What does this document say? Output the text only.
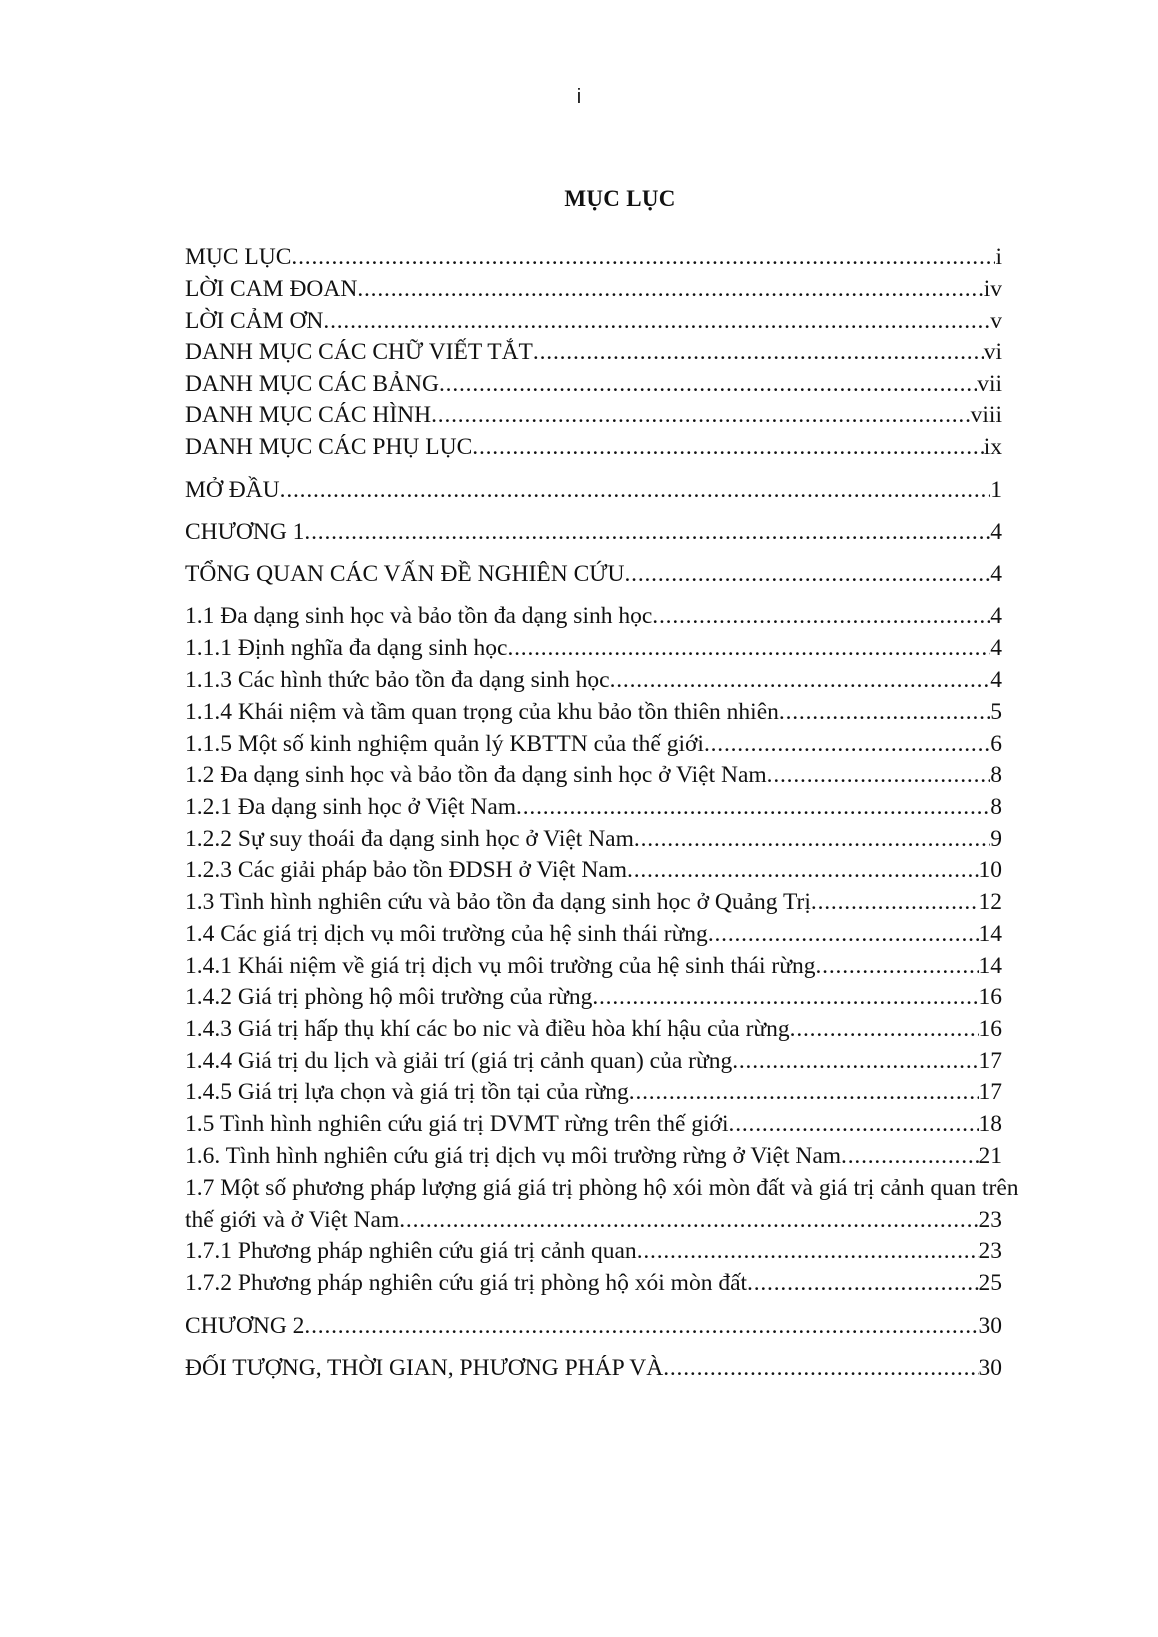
i
MỤC LỤC
MỤC LỤC .....	i
LỜI CAM ĐOAN .....	iv
LỜI CẢM ƠN .....	v
DANH MỤC CÁC CHỮ VIẾT TẮT .....	vi
DANH MỤC CÁC BẢNG .....	vii
DANH MỤC CÁC HÌNH .....	viii
DANH MỤC CÁC PHỤ LỤC .....	ix
MỞ ĐẦU .....	1
CHƯƠNG 1 .....	4
TỔNG QUAN CÁC VẤN ĐỀ NGHIÊN CỨU .....	4
1.1 Đa dạng sinh học và bảo tồn đa dạng sinh học .....	4
1.1.1 Định nghĩa đa dạng sinh học .....	4
1.1.3 Các hình thức bảo tồn đa dạng sinh học .....	4
1.1.4 Khái niệm và tầm quan trọng của khu bảo tồn thiên nhiên .....	5
1.1.5 Một số kinh nghiệm quản lý KBTTN của thế giới .....	6
1.2 Đa dạng sinh học và bảo tồn đa dạng sinh học ở Việt Nam .....	8
1.2.1 Đa dạng sinh học ở Việt Nam .....	8
1.2.2 Sự suy thoái đa dạng sinh học ở Việt Nam .....	9
1.2.3 Các giải pháp bảo tồn ĐDSH ở Việt Nam .....	10
1.3 Tình hình nghiên cứu và bảo tồn đa dạng sinh học ở Quảng Trị .....	12
1.4 Các giá trị dịch vụ môi trường của hệ sinh thái rừng .....	14
1.4.1 Khái niệm về giá trị dịch vụ môi trường của hệ sinh thái rừng .....	14
1.4.2 Giá trị phòng hộ môi trường của rừng .....	16
1.4.3 Giá trị hấp thụ khí các bo nic và điều hòa khí hậu của rừng .....	16
1.4.4 Giá trị du lịch và giải trí (giá trị cảnh quan) của rừng .....	17
1.4.5 Giá trị lựa chọn và giá trị tồn tại của rừng .....	17
1.5 Tình hình nghiên cứu giá trị DVMT rừng trên thế giới .....	18
1.6. Tình hình nghiên cứu giá trị dịch vụ môi trường rừng ở Việt Nam .....	21
1.7 Một số phương pháp lượng giá giá trị phòng hộ xói mòn đất và giá trị cảnh quan trên
thế giới và ở Việt Nam .....	23
1.7.1 Phương pháp nghiên cứu giá trị cảnh quan .....	23
1.7.2 Phương pháp nghiên cứu giá trị phòng hộ xói mòn đất .....	25
CHƯƠNG 2 .....	30
ĐỐI TƯỢNG, THỜI GIAN, PHƯƠNG PHÁP VÀ .....	30
